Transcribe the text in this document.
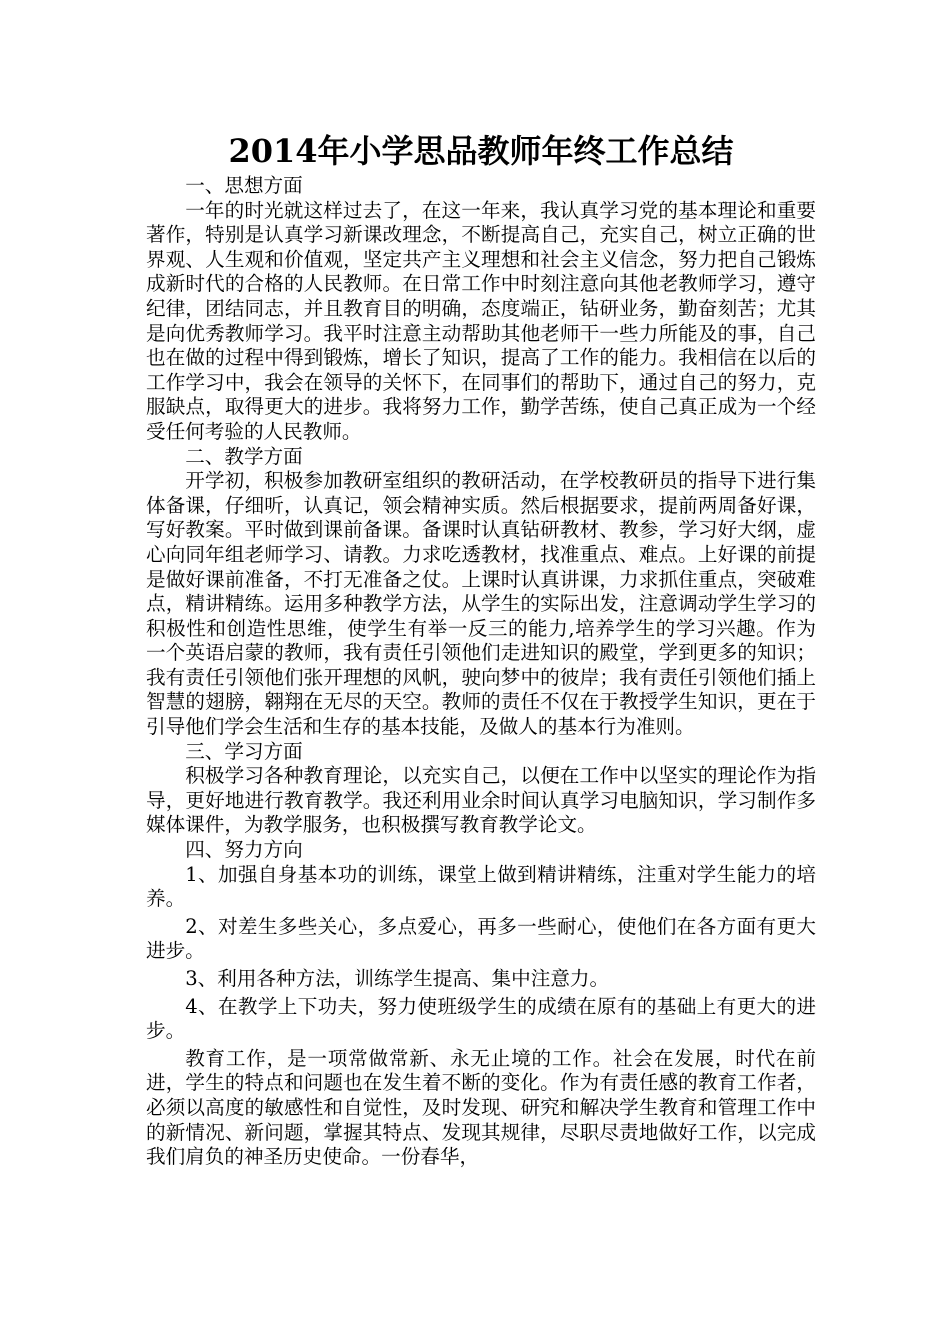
2014年小学思品教师年终工作总结

一、思想方面

一年的时光就这样过去了，在这一年来，我认真学习党的基本理论和重要著作，特别是认真学习新课改理念，不断提高自己，充实自己，树立正确的世界观、人生观和价值观，坚定共产主义理想和社会主义信念，努力把自己锻炼成新时代的合格的人民教师。在日常工作中时刻注意向其他老教师学习，遵守纪律，团结同志，并且教育目的明确，态度端正，钻研业务，勤奋刻苦；尤其是向优秀教师学习。我平时注意主动帮助其他老师干一些力所能及的事，自己也在做的过程中得到锻炼，增长了知识，提高了工作的能力。我相信在以后的工作学习中，我会在领导的关怀下，在同事们的帮助下，通过自己的努力，克服缺点，取得更大的进步。我将努力工作，勤学苦练，使自己真正成为一个经受任何考验的人民教师。

二、教学方面

开学初，积极参加教研室组织的教研活动，在学校教研员的指导下进行集体备课，仔细听，认真记，领会精神实质。然后根据要求，提前两周备好课，写好教案。平时做到课前备课。备课时认真钻研教材、教参，学习好大纲，虚心向同年组老师学习、请教。力求吃透教材，找准重点、难点。上好课的前提是做好课前准备，不打无准备之仗。上课时认真讲课，力求抓住重点，突破难点，精讲精练。运用多种教学方法，从学生的实际出发，注意调动学生学习的积极性和创造性思维，使学生有举一反三的能力,培养学生的学习兴趣。作为一个英语启蒙的教师，我有责任引领他们走进知识的殿堂，学到更多的知识；我有责任引领他们张开理想的风帆，驶向梦中的彼岸；我有责任引领他们插上智慧的翅膀，翱翔在无尽的天空。教师的责任不仅在于教授学生知识，更在于引导他们学会生活和生存的基本技能，及做人的基本行为准则。

三、学习方面

积极学习各种教育理论，以充实自己，以便在工作中以坚实的理论作为指导，更好地进行教育教学。我还利用业余时间认真学习电脑知识，学习制作多媒体课件，为教学服务，也积极撰写教育教学论文。

四、努力方向

1、加强自身基本功的训练，课堂上做到精讲精练，注重对学生能力的培养。

2、对差生多些关心，多点爱心，再多一些耐心，使他们在各方面有更大进步。

3、利用各种方法，训练学生提高、集中注意力。

4、在教学上下功夫，努力使班级学生的成绩在原有的基础上有更大的进步。

教育工作，是一项常做常新、永无止境的工作。社会在发展，时代在前进，学生的特点和问题也在发生着不断的变化。作为有责任感的教育工作者，必须以高度的敏感性和自觉性，及时发现、研究和解决学生教育和管理工作中的新情况、新问题，掌握其特点、发现其规律，尽职尽责地做好工作，以完成我们肩负的神圣历史使命。一份春华，
